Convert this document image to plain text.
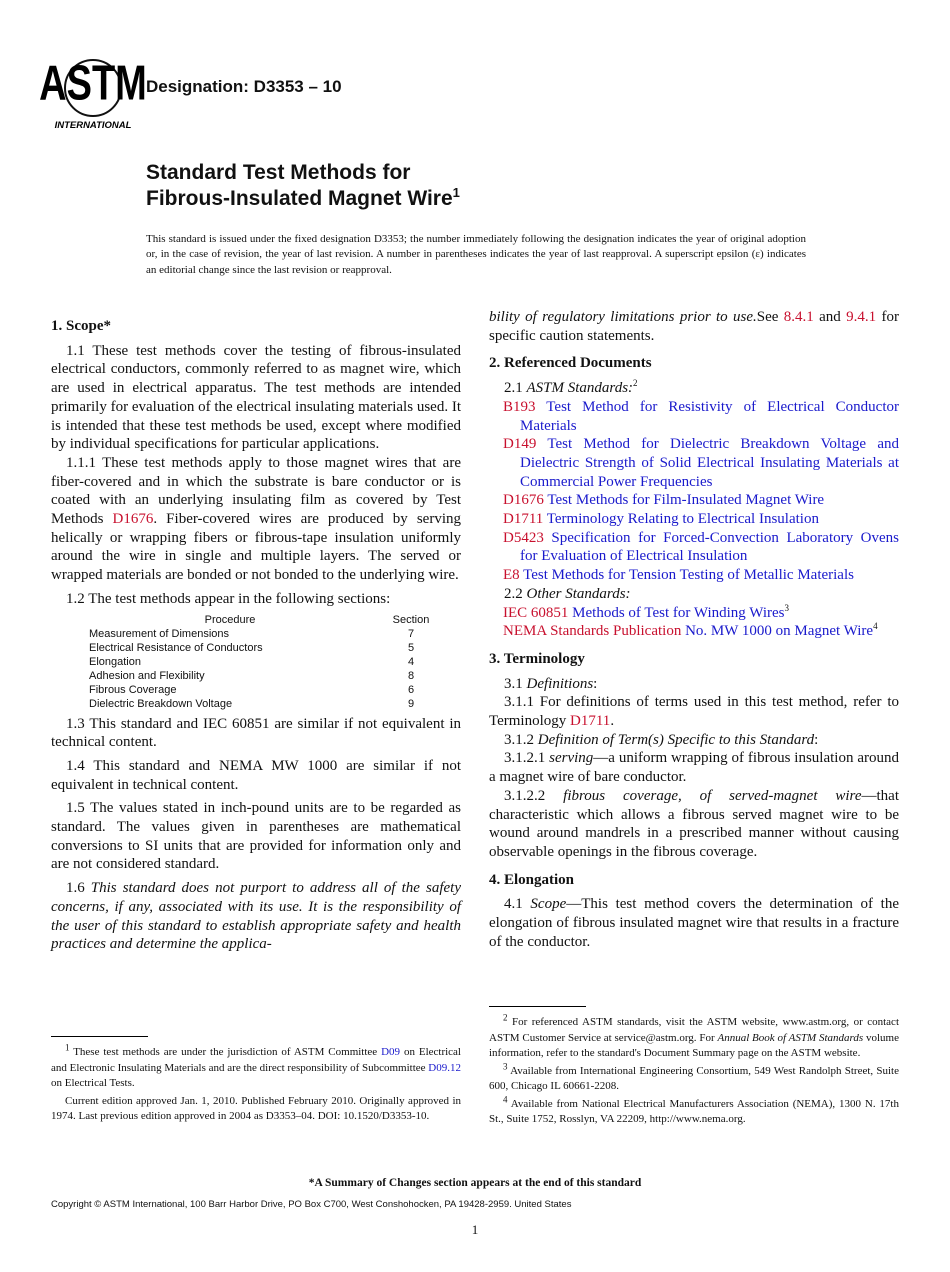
ASTM
INTERNATIONAL
Designation: D3353 – 10
Standard Test Methods for
Fibrous-Insulated Magnet Wire$^1$
This standard is issued under the fixed designation D3353; the number immediately following the designation indicates the year of original adoption or, in the case of revision, the year of last revision. A number in parentheses indicates the year of last reapproval. A superscript epsilon (ε) indicates an editorial change since the last revision or reapproval.

1. Scope*

1.1 These test methods cover the testing of fibrous-insulated electrical conductors, commonly referred to as magnet wire, which are used in electrical apparatus. The test methods are intended primarily for evaluation of the electrical insulating materials used. It is intended that these test methods be used, except where modified by individual specifications for particular applications.

1.1.1 These test methods apply to those magnet wires that are fiber-covered and in which the substrate is bare conductor or is coated with an underlying insulating film as covered by Test Methods D1676. Fiber-covered wires are produced by serving helically or wrapping fibers or fibrous-tape insulation uniformly around the wire in single and multiple layers. The served or wrapped materials are bonded or not bonded to the underlying wire.

1.2 The test methods appear in the following sections:

Procedure	Section
Measurement of Dimensions	7
Electrical Resistance of Conductors	5
Elongation	4
Adhesion and Flexibility	8
Fibrous Coverage	6
Dielectric Breakdown Voltage	9

1.3 This standard and IEC 60851 are similar if not equivalent in technical content.

1.4 This standard and NEMA MW 1000 are similar if not equivalent in technical content.

1.5 The values stated in inch-pound units are to be regarded as standard. The values given in parentheses are mathematical conversions to SI units that are provided for information only and are not considered standard.

1.6 This standard does not purport to address all of the safety concerns, if any, associated with its use. It is the responsibility of the user of this standard to establish appropriate safety and health practices and determine the applica-

bility of regulatory limitations prior to use.See 8.4.1 and 9.4.1 for specific caution statements.

2. Referenced Documents

2.1 ASTM Standards:$^2$

B193 Test Method for Resistivity of Electrical Conductor Materials

D149 Test Method for Dielectric Breakdown Voltage and Dielectric Strength of Solid Electrical Insulating Materials at Commercial Power Frequencies

D1676 Test Methods for Film-Insulated Magnet Wire

D1711 Terminology Relating to Electrical Insulation

D5423 Specification for Forced-Convection Laboratory Ovens for Evaluation of Electrical Insulation

E8 Test Methods for Tension Testing of Metallic Materials

2.2 Other Standards:

IEC 60851 Methods of Test for Winding Wires$^3$

NEMA Standards Publication No. MW 1000 on Magnet Wire$^4$

3. Terminology

3.1 Definitions:

3.1.1 For definitions of terms used in this test method, refer to Terminology D1711.

3.1.2 Definition of Term(s) Specific to this Standard:

3.1.2.1 serving—a uniform wrapping of fibrous insulation around a magnet wire of bare conductor.

3.1.2.2 fibrous coverage, of served-magnet wire—that characteristic which allows a fibrous served magnet wire to be wound around mandrels in a prescribed manner without causing observable openings in the fibrous coverage.

4. Elongation

4.1 Scope—This test method covers the determination of the elongation of fibrous insulated magnet wire that results in a fracture of the conductor.

$^1$ These test methods are under the jurisdiction of ASTM Committee D09 on Electrical and Electronic Insulating Materials and are the direct responsibility of Subcommittee D09.12 on Electrical Tests.

Current edition approved Jan. 1, 2010. Published February 2010. Originally approved in 1974. Last previous edition approved in 2004 as D3353–04. DOI: 10.1520/D3353-10.

$^2$ For referenced ASTM standards, visit the ASTM website, www.astm.org, or contact ASTM Customer Service at service@astm.org. For Annual Book of ASTM Standards volume information, refer to the standard's Document Summary page on the ASTM website.

$^3$ Available from International Engineering Consortium, 549 West Randolph Street, Suite 600, Chicago IL 60661-2208.

$^4$ Available from National Electrical Manufacturers Association (NEMA), 1300 N. 17th St., Suite 1752, Rosslyn, VA 22209, http://www.nema.org.

*A Summary of Changes section appears at the end of this standard
Copyright © ASTM International, 100 Barr Harbor Drive, PO Box C700, West Conshohocken, PA 19428-2959. United States
1
